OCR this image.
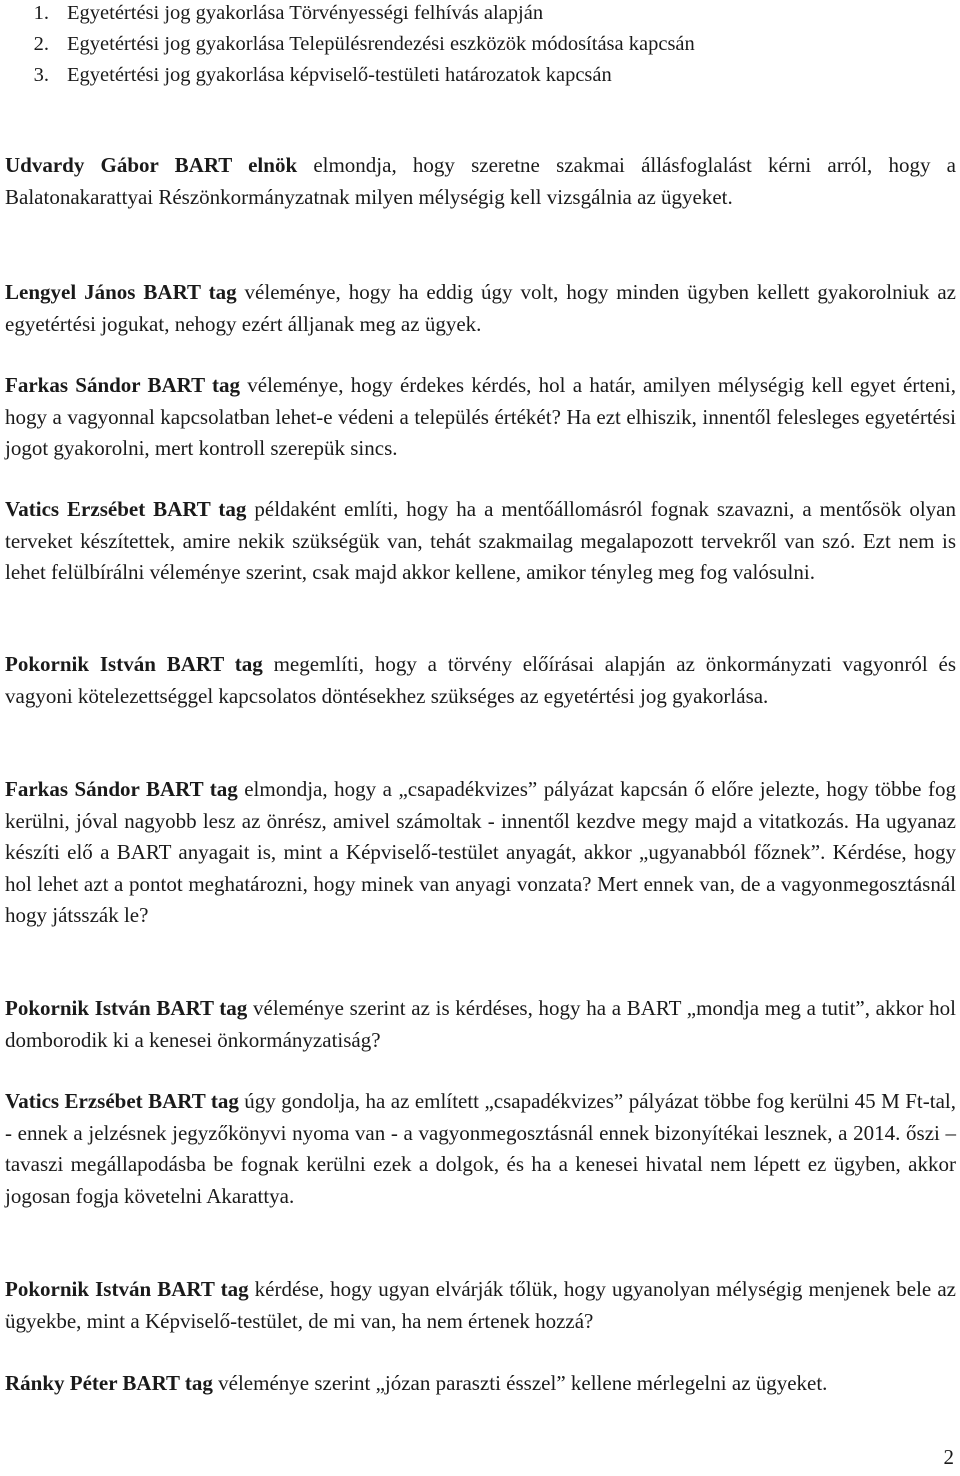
1. Egyetértési jog gyakorlása Törvényességi felhívás alapján
2. Egyetértési jog gyakorlása Településrendezési eszközök módosítása kapcsán
3. Egyetértési jog gyakorlása képviselő-testületi határozatok kapcsán

Udvardy Gábor BART elnök elmondja, hogy szeretne szakmai állásfoglalást kérni arról, hogy a Balatonakarattyai Részönkormányzatnak milyen mélységig kell vizsgálnia az ügyeket.

Lengyel János BART tag véleménye, hogy ha eddig úgy volt, hogy minden ügyben kellett gyakorolniuk az egyetértési jogukat, nehogy ezért álljanak meg az ügyek.

Farkas Sándor BART tag véleménye, hogy érdekes kérdés, hol a határ, amilyen mélységig kell egyet érteni, hogy a vagyonnal kapcsolatban lehet-e védeni a település értékét? Ha ezt elhiszik, innentől felesleges egyetértési jogot gyakorolni, mert kontroll szerepük sincs.

Vatics Erzsébet BART tag példaként említi, hogy ha a mentőállomásról fognak szavazni, a mentősök olyan terveket készítettek, amire nekik szükségük van, tehát szakmailag megalapozott tervekről van szó. Ezt nem is lehet felülbírálni véleménye szerint, csak majd akkor kellene, amikor tényleg meg fog valósulni.

Pokornik István BART tag megemlíti, hogy a törvény előírásai alapján az önkormányzati vagyonról és vagyoni kötelezettséggel kapcsolatos döntésekhez szükséges az egyetértési jog gyakorlása.

Farkas Sándor BART tag elmondja, hogy a „csapadékvizes” pályázat kapcsán ő előre jelezte, hogy többe fog kerülni, jóval nagyobb lesz az önrész, amivel számoltak - innentől kezdve megy majd a vitatkozás. Ha ugyanaz készíti elő a BART anyagait is, mint a Képviselő-testület anyagát, akkor „ugyanabból főznek”. Kérdése, hogy hol lehet azt a pontot meghatározni, hogy minek van anyagi vonzata? Mert ennek van, de a vagyonmegosztásnál hogy játsszák le?

Pokornik István BART tag véleménye szerint az is kérdéses, hogy ha a BART „mondja meg a tutit”, akkor hol domborodik ki a kenesei önkormányzatiság?

Vatics Erzsébet BART tag úgy gondolja, ha az említett „csapadékvizes” pályázat többe fog kerülni 45 M Ft-tal, - ennek a jelzésnek jegyzőkönyvi nyoma van - a vagyonmegosztásnál ennek bizonyítékai lesznek, a 2014. őszi – tavaszi megállapodásba be fognak kerülni ezek a dolgok, és ha a kenesei hivatal nem lépett ez ügyben, akkor jogosan fogja követelni Akarattya.

Pokornik István BART tag kérdése, hogy ugyan elvárják tőlük, hogy ugyanolyan mélységig menjenek bele az ügyekbe, mint a Képviselő-testület, de mi van, ha nem értenek hozzá?

Ránky Péter BART tag véleménye szerint „józan paraszti ésszel” kellene mérlegelni az ügyeket.

2
